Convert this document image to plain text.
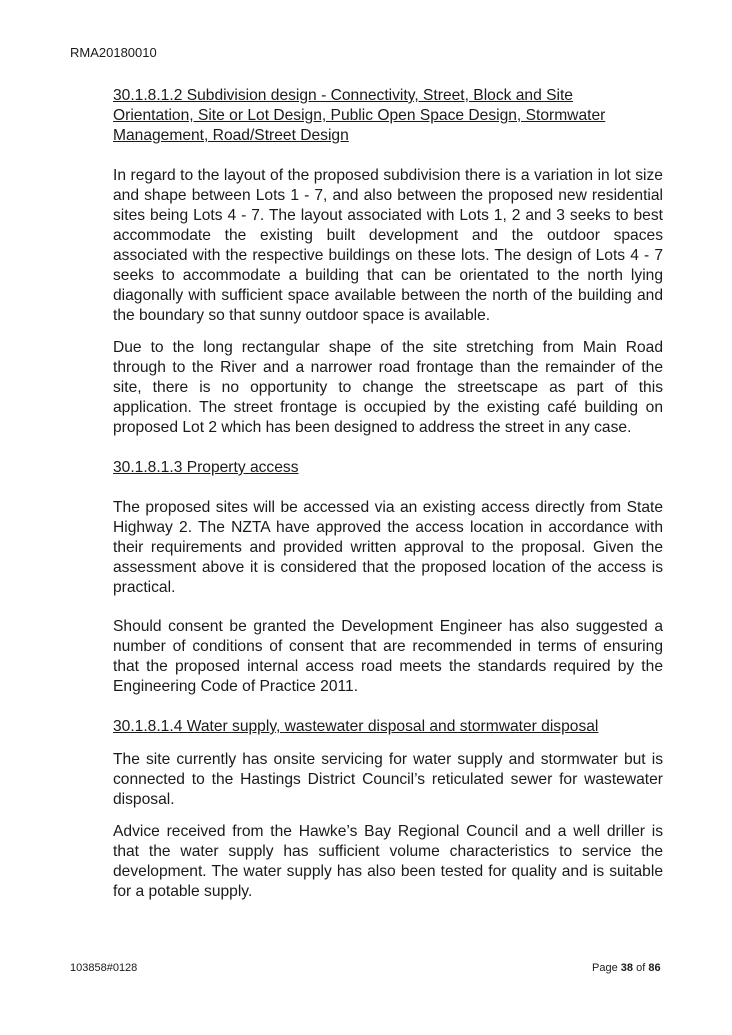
RMA20180010

30.1.8.1.2 Subdivision design - Connectivity, Street, Block and Site Orientation, Site or Lot Design, Public Open Space Design, Stormwater Management, Road/Street Design

In regard to the layout of the proposed subdivision there is a variation in lot size and shape between Lots 1 - 7, and also between the proposed new residential sites being Lots 4 - 7. The layout associated with Lots 1, 2 and 3 seeks to best accommodate the existing built development and the outdoor spaces associated with the respective buildings on these lots. The design of Lots 4 - 7 seeks to accommodate a building that can be orientated to the north lying diagonally with sufficient space available between the north of the building and the boundary so that sunny outdoor space is available.

Due to the long rectangular shape of the site stretching from Main Road through to the River and a narrower road frontage than the remainder of the site, there is no opportunity to change the streetscape as part of this application. The street frontage is occupied by the existing café building on proposed Lot 2 which has been designed to address the street in any case.

30.1.8.1.3 Property access

The proposed sites will be accessed via an existing access directly from State Highway 2. The NZTA have approved the access location in accordance with their requirements and provided written approval to the proposal. Given the assessment above it is considered that the proposed location of the access is practical.

Should consent be granted the Development Engineer has also suggested a number of conditions of consent that are recommended in terms of ensuring that the proposed internal access road meets the standards required by the Engineering Code of Practice 2011.

30.1.8.1.4 Water supply, wastewater disposal and stormwater disposal

The site currently has onsite servicing for water supply and stormwater but is connected to the Hastings District Council’s reticulated sewer for wastewater disposal.

Advice received from the Hawke’s Bay Regional Council and a well driller is that the water supply has sufficient volume characteristics to service the development. The water supply has also been tested for quality and is suitable for a potable supply.

103858#0128	Page 38 of 86
